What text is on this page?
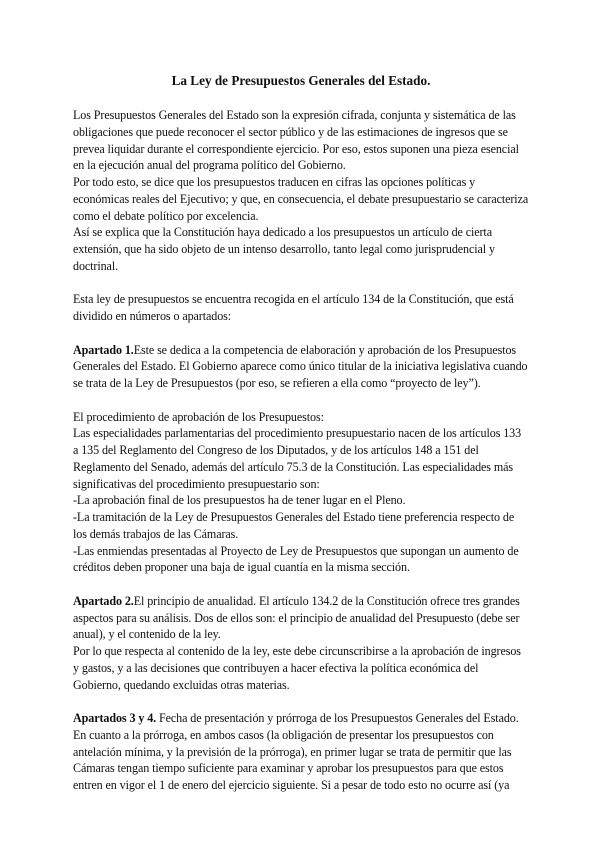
La Ley de Presupuestos Generales del Estado.

Los Presupuestos Generales del Estado son la expresión cifrada, conjunta y sistemática de las obligaciones que puede reconocer el sector público y de las estimaciones de ingresos que se prevea liquidar durante el correspondiente ejercicio. Por eso, estos suponen una pieza esencial en la ejecución anual del programa político del Gobierno.

Por todo esto, se dice que los presupuestos traducen en cifras las opciones políticas y económicas reales del Ejecutivo; y que, en consecuencia, el debate presupuestario se caracteriza como el debate político por excelencia.

Así se explica que la Constitución haya dedicado a los presupuestos un artículo de cierta extensión, que ha sido objeto de un intenso desarrollo, tanto legal como jurisprudencial y doctrinal.

Esta ley de presupuestos se encuentra recogida en el artículo 134 de la Constitución, que está dividido en números o apartados:

Apartado 1.Este se dedica a la competencia de elaboración y aprobación de los Presupuestos Generales del Estado. El Gobierno aparece como único titular de la iniciativa legislativa cuando se trata de la Ley de Presupuestos (por eso, se refieren a ella como “proyecto de ley”).

El procedimiento de aprobación de los Presupuestos:

Las especialidades parlamentarias del procedimiento presupuestario nacen de los artículos 133 a 135 del Reglamento del Congreso de los Diputados, y de los artículos 148 a 151 del Reglamento del Senado, además del artículo 75.3 de la Constitución. Las especialidades más significativas del procedimiento presupuestario son:

-La aprobación final de los presupuestos ha de tener lugar en el Pleno.

-La tramitación de la Ley de Presupuestos Generales del Estado tiene preferencia respecto de los demás trabajos de las Cámaras.

-Las enmiendas presentadas al Proyecto de Ley de Presupuestos que supongan un aumento de créditos deben proponer una baja de igual cuantía en la misma sección.

Apartado 2.El principio de anualidad. El artículo 134.2 de la Constitución ofrece tres grandes aspectos para su análisis. Dos de ellos son: el principio de anualidad del Presupuesto (debe ser anual), y el contenido de la ley.

Por lo que respecta al contenido de la ley, este debe circunscribirse a la aprobación de ingresos y gastos, y a las decisiones que contribuyen a hacer efectiva la política económica del Gobierno, quedando excluidas otras materias.

Apartados 3 y 4. Fecha de presentación y prórroga de los Presupuestos Generales del Estado. En cuanto a la prórroga, en ambos casos (la obligación de presentar los presupuestos con antelación mínima, y la previsión de la prórroga), en primer lugar se trata de permitir que las Cámaras tengan tiempo suficiente para examinar y aprobar los presupuestos para que estos entren en vigor el 1 de enero del ejercicio siguiente. Si a pesar de todo esto no ocurre así (ya
